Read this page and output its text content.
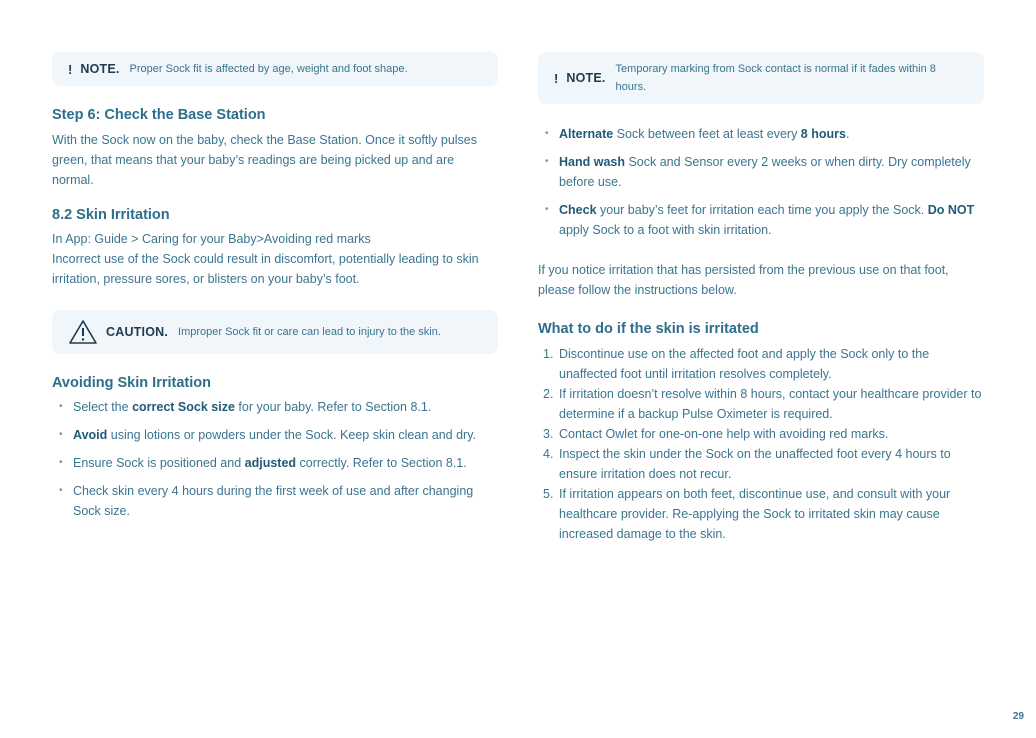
! NOTE. Proper Sock fit is affected by age, weight and foot shape.
Step 6: Check the Base Station

With the Sock now on the baby, check the Base Station. Once it softly pulses green, that means that your baby’s readings are being picked up and are normal.

8.2 Skin Irritation

In App: Guide > Caring for your Baby>Avoiding red marks

Incorrect use of the Sock could result in discomfort, potentially leading to skin irritation, pressure sores, or blisters on your baby’s foot.

CAUTION. Improper Sock fit or care can lead to injury to the skin.
Avoiding Skin Irritation
• Select the correct Sock size for your baby. Refer to Section 8.1.
• Avoid using lotions or powders under the Sock. Keep skin clean and dry.
• Ensure Sock is positioned and adjusted correctly. Refer to Section 8.1.
• Check skin every 4 hours during the first week of use and after changing Sock size.
! NOTE.
Temporary marking from Sock contact is normal if it fades within 8 hours.
• Alternate Sock between feet at least every 8 hours.
• Hand wash Sock and Sensor every 2 weeks or when dirty. Dry completely before use.
• Check your baby’s feet for irritation each time you apply the Sock. Do NOT apply Sock to a foot with skin irritation.

If you notice irritation that has persisted from the previous use on that foot, please follow the instructions below.

What to do if the skin is irritated
1. Discontinue use on the affected foot and apply the Sock only to the unaffected foot until irritation resolves completely.
2. If irritation doesn’t resolve within 8 hours, contact your healthcare provider to determine if a backup Pulse Oximeter is required.
3. Contact Owlet for one-on-one help with avoiding red marks.
4. Inspect the skin under the Sock on the unaffected foot every 4 hours to ensure irritation does not recur.
5. If irritation appears on both feet, discontinue use, and consult with your healthcare provider. Re-applying the Sock to irritated skin may cause increased damage to the skin.
29
